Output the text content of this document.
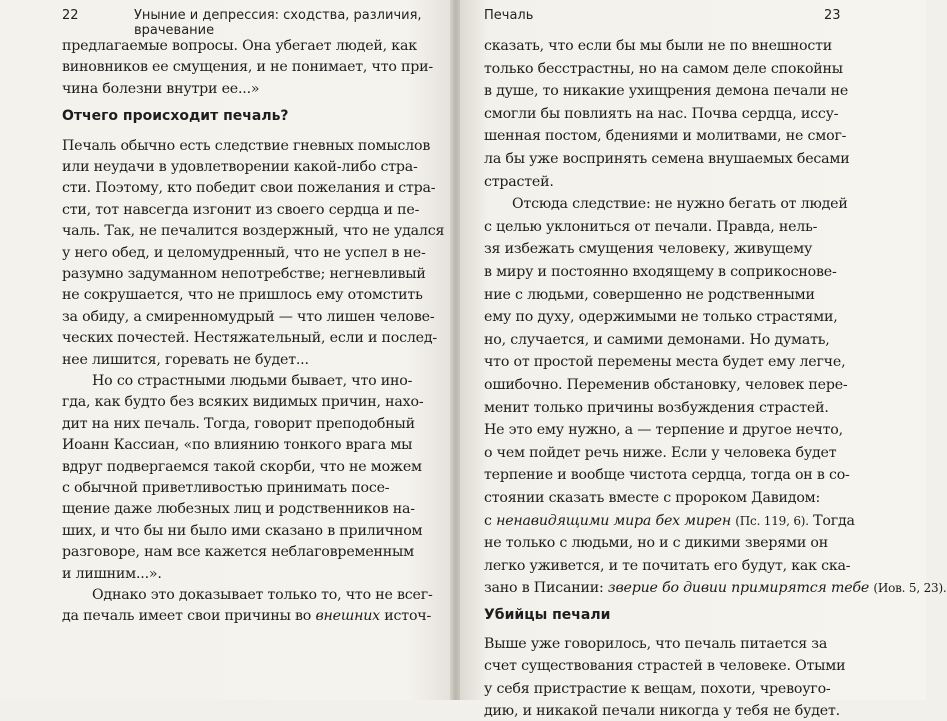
22	Уныние и депрессия: сходства, различия, врачевание
предлагаемые вопросы. Она убегает людей, как
виновников ее смущения, и не понимает, что при-
чина болезни внутри ее...»
Отчего происходит печаль?
Печаль обычно есть следствие гневных помыслов
или неудачи в удовлетворении какой-либо стра-
сти. Поэтому, кто победит свои пожелания и стра-
сти, тот навсегда изгонит из своего сердца и пе-
чаль. Так, не печалится воздержный, что не удался
у него обед, и целомудренный, что не успел в не-
разумно задуманном непотребстве; негневливый
не сокрушается, что не пришлось ему отомстить
за обиду, а смиренномудрый — что лишен челове-
ческих почестей. Нестяжательный, если и послед-
нее лишится, горевать не будет...
Но со страстными людьми бывает, что ино-
гда, как будто без всяких видимых причин, нахо-
дит на них печаль. Тогда, говорит преподобный
Иоанн Кассиан, «по влиянию тонкого врага мы
вдруг подвергаемся такой скорби, что не можем
с обычной приветливостью принимать посе-
щение даже любезных лиц и родственников на-
ших, и что бы ни было ими сказано в приличном
разговоре, нам все кажется неблаговременным
и лишним...».
Однако это доказывает только то, что не всег-
да печаль имеет свои причины во внешних источ-
Печаль	23
сказать, что если бы мы были не по внешности
только бесстрастны, но на самом деле спокойны
в душе, то никакие ухищрения демона печали не
смогли бы повлиять на нас. Почва сердца, иссу-
шенная постом, бдениями и молитвами, не смог-
ла бы уже воспринять семена внушаемых бесами
страстей.
Отсюда следствие: не нужно бегать от людей
с целью уклониться от печали. Правда, нель-
зя избежать смущения человеку, живущему
в миру и постоянно входящему в соприкоснове-
ние с людьми, совершенно не родственными
ему по духу, одержимыми не только страстями,
но, случается, и самими демонами. Но думать,
что от простой перемены места будет ему легче,
ошибочно. Переменив обстановку, человек пере-
менит только причины возбуждения страстей.
Не это ему нужно, а — терпение и другое нечто,
о чем пойдет речь ниже. Если у человека будет
терпение и вообще чистота сердца, тогда он в со-
стоянии сказать вместе с пророком Давидом:
с ненавидящими мира бех мирен (Пс. 119, 6). Тогда
не только с людьми, но и с дикими зверями он
легко уживется, и те почитать его будут, как ска-
зано в Писании: зверие бо дивии примирятся тебе (Иов. 5, 23).
Убийцы печали
Выше уже говорилось, что печаль питается за
счет существования страстей в человеке. Отыми
у себя пристрастие к вещам, похоти, чревоуго-
дию, и никакой печали никогда у тебя не будет.
